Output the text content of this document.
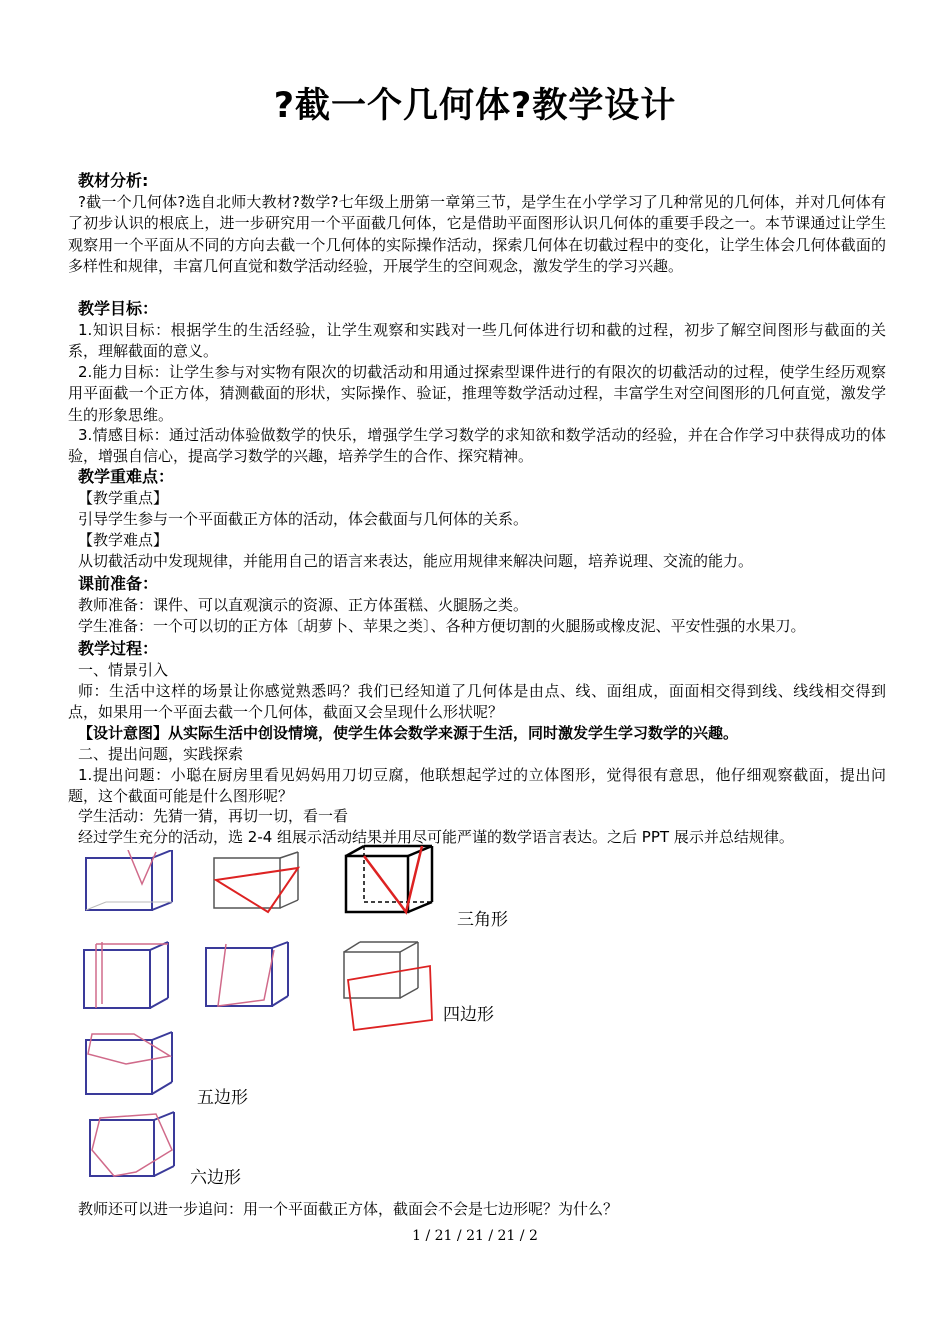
?截一个几何体?教学设计
教材分析:
?截一个几何体?选自北师大教材?数学?七年级上册第一章第三节，是学生在小学学习了几种常见的几何体，并对几何体有了初步认识的根底上，进一步研究用一个平面截几何体，它是借助平面图形认识几何体的重要手段之一。本节课通过让学生观察用一个平面从不同的方向去截一个几何体的实际操作活动，探索几何体在切截过程中的变化，让学生体会几何体截面的多样性和规律，丰富几何直觉和数学活动经验，开展学生的空间观念，激发学生的学习兴趣。
教学目标：
1.知识目标：根据学生的生活经验，让学生观察和实践对一些几何体进行切和截的过程，初步了解空间图形与截面的关系，理解截面的意义。
2.能力目标：让学生参与对实物有限次的切截活动和用通过探索型课件进行的有限次的切截活动的过程，使学生经历观察用平面截一个正方体，猜测截面的形状，实际操作、验证，推理等数学活动过程，丰富学生对空间图形的几何直觉，激发学生的形象思维。
3.情感目标：通过活动体验做数学的快乐，增强学生学习数学的求知欲和数学活动的经验，并在合作学习中获得成功的体验，增强自信心，提高学习数学的兴趣，培养学生的合作、探究精神。
教学重难点：
【教学重点】
引导学生参与一个平面截正方体的活动，体会截面与几何体的关系。
【教学难点】
从切截活动中发现规律，并能用自己的语言来表达，能应用规律来解决问题，培养说理、交流的能力。
课前准备：
教师准备：课件、可以直观演示的资源、正方体蛋糕、火腿肠之类。
学生准备：一个可以切的正方体〔胡萝卜、苹果之类〕、各种方便切割的火腿肠或橡皮泥、平安性强的水果刀。
教学过程：
一、情景引入
师：生活中这样的场景让你感觉熟悉吗？我们已经知道了几何体是由点、线、面组成，面面相交得到线、线线相交得到点，如果用一个平面去截一个几何体，截面又会呈现什么形状呢？
【设计意图】从实际生活中创设情境，使学生体会数学来源于生活，同时激发学生学习数学的兴趣。
二、提出问题，实践探索
1.提出问题：小聪在厨房里看见妈妈用刀切豆腐，他联想起学过的立体图形，觉得很有意思，他仔细观察截面，提出问题，这个截面可能是什么图形呢？
学生活动：先猜一猜，再切一切，看一看
经过学生充分的活动，选 2-4 组展示活动结果并用尽可能严谨的数学语言表达。之后 PPT 展示并总结规律。
三角形
四边形
五边形
六边形
教师还可以进一步追问：用一个平面截正方体，截面会不会是七边形呢？为什么？
1 / 21 / 21 / 21 / 2
